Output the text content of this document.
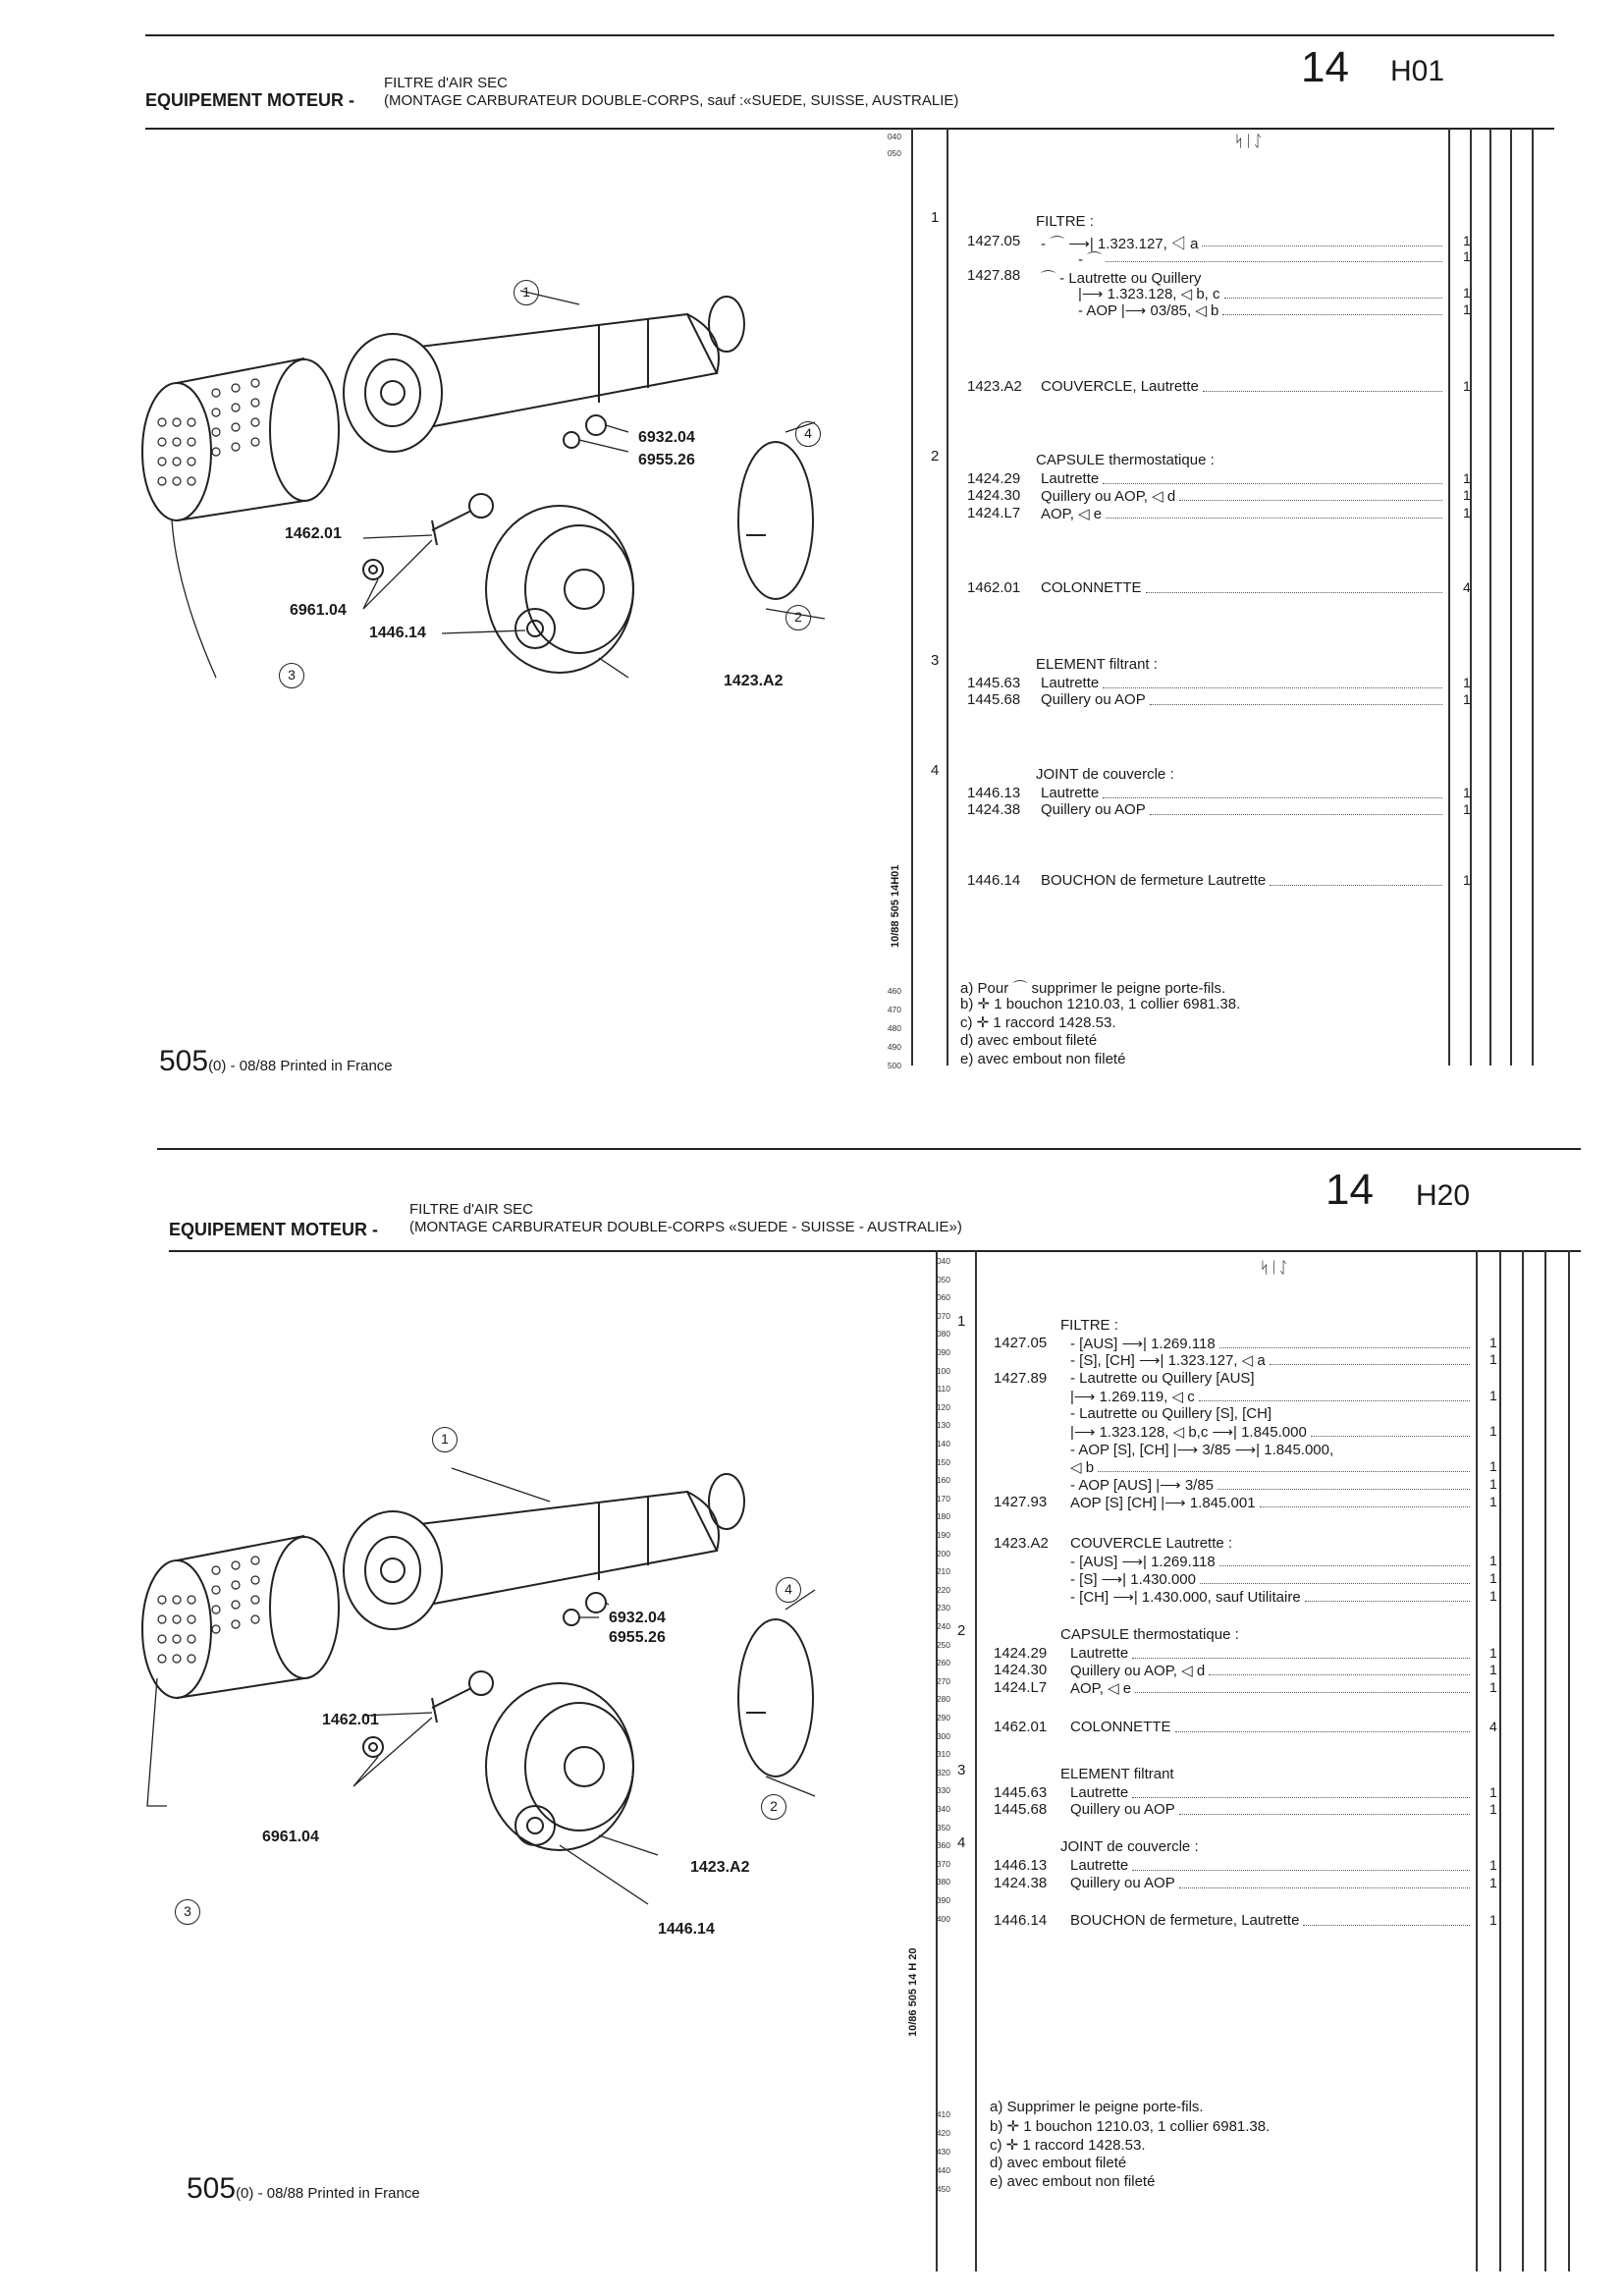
EQUIPEMENT MOTEUR -
FILTRE d'AIR SEC
(MONTAGE CARBURATEUR DOUBLE-CORPS, sauf :«SUEDE, SUISSE, AUSTRALIE)
14 H01
040
050
460
470
480
490
500
10/88 505 14H01
ᛋᛁᛇ
1	FILTRE :
1427.05 - ⌒ ⟶| 1.323.127, ◁ a	1
- ⌒	1
1427.88 ⌒ - Lautrette ou Quillery
|⟶ 1.323.128, ◁ b, c	1
- AOP |⟶ 03/85, ◁ b	1
1423.A2 COUVERCLE, Lautrette	1
2	CAPSULE thermostatique :
1424.29 Lautrette	1
1424.30 Quillery ou AOP, ◁ d	1
1424.L7 AOP, ◁ e	1
1462.01 COLONNETTE	4
3	ELEMENT filtrant :
1445.63 Lautrette	1
1445.68 Quillery ou AOP	1
4	JOINT de couvercle :
1446.13 Lautrette	1
1424.38 Quillery ou AOP	1
1446.14 BOUCHON de fermeture Lautrette	1
a) Pour ⌒ supprimer le peigne porte-fils.
b) ✛ 1 bouchon 1210.03, 1 collier 6981.38.
c) ✛ 1 raccord 1428.53.
d) avec embout fileté
e) avec embout non fileté
505(0) - 08/88 Printed in France
1
2
3
4
6932.04
6955.26
1462.01
6961.04
1446.14
1423.A2
EQUIPEMENT MOTEUR -
FILTRE d'AIR SEC
(MONTAGE CARBURATEUR DOUBLE-CORPS «SUEDE - SUISSE - AUSTRALIE»)
14 H20
040
050
060
070
080
090
100
110
120
130
140
150
160
170
180
190
200
210
220
230
240
250
260
270
280
290
300
310
320
330
340
350
360
370
380
390
400
410
420
430
440
450
10/86 505 14 H 20
ᛋᛁᛇ
1	FILTRE :
1427.05 - [AUS] ⟶| 1.269.118	1
- [S], [CH] ⟶| 1.323.127, ◁ a	1
1427.89 - Lautrette ou Quillery [AUS]
|⟶ 1.269.119, ◁ c	1
- Lautrette ou Quillery [S], [CH]
|⟶ 1.323.128, ◁ b,c ⟶| 1.845.000	1
- AOP [S], [CH] |⟶ 3/85 ⟶| 1.845.000,
◁ b	1
- AOP [AUS] |⟶ 3/85	1
1427.93 AOP [S] [CH] |⟶ 1.845.001	1
1423.A2 COUVERCLE Lautrette :
- [AUS] ⟶| 1.269.118	1
- [S] ⟶| 1.430.000	1
- [CH] ⟶| 1.430.000, sauf Utilitaire	1
2	CAPSULE thermostatique :
1424.29 Lautrette	1
1424.30 Quillery ou AOP, ◁ d	1
1424.L7 AOP, ◁ e	1
1462.01 COLONNETTE	4
3	ELEMENT filtrant
1445.63 Lautrette	1
1445.68 Quillery ou AOP	1
4	JOINT de couvercle :
1446.13 Lautrette	1
1424.38 Quillery ou AOP	1
1446.14 BOUCHON de fermeture, Lautrette	1
a) Supprimer le peigne porte-fils.
b) ✛ 1 bouchon 1210.03, 1 collier 6981.38.
c) ✛ 1 raccord 1428.53.
d) avec embout fileté
e) avec embout non fileté
505(0) - 08/88 Printed in France
1
2
3
4
6932.04
6955.26
1462.01
6961.04
1423.A2
1446.14
